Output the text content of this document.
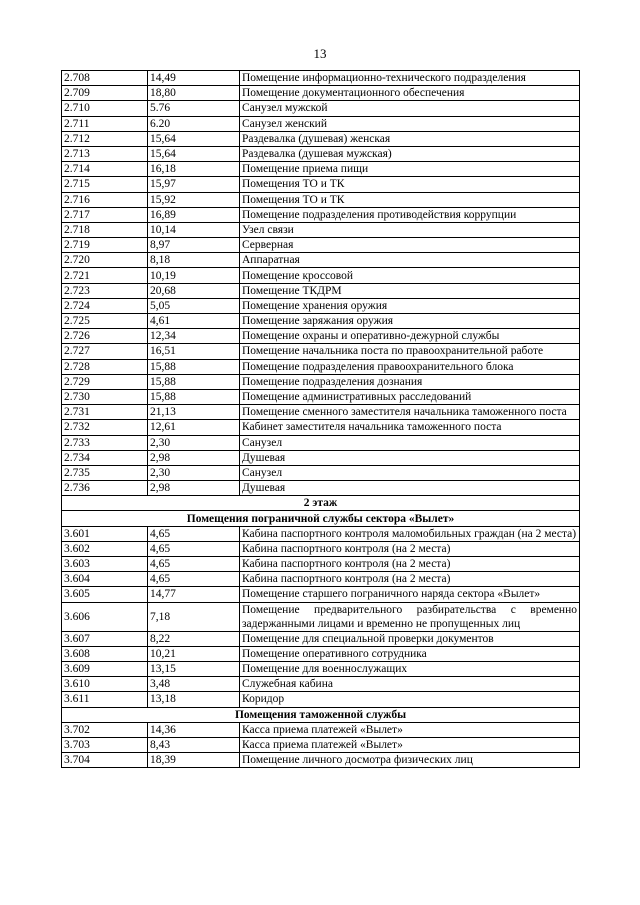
13
2.708	14,49	Помещение информационно-технического подразделения
2.709	18,80	Помещение документационного обеспечения
2.710	5.76	Санузел мужской
2.711	6.20	Санузел женский
2.712	15,64	Раздевалка (душевая) женская
2.713	15,64	Раздевалка (душевая мужская)
2.714	16,18	Помещение приема пищи
2.715	15,97	Помещения ТО и ТК
2.716	15,92	Помещения ТО и ТК
2.717	16,89	Помещение подразделения противодействия коррупции
2.718	10,14	Узел связи
2.719	8,97	Серверная
2.720	8,18	Аппаратная
2.721	10,19	Помещение кроссовой
2.723	20,68	Помещение ТКДРМ
2.724	5,05	Помещение хранения оружия
2.725	4,61	Помещение заряжания оружия
2.726	12,34	Помещение охраны и оперативно-дежурной службы
2.727	16,51	Помещение начальника поста по правоохранительной работе
2.728	15,88	Помещение подразделения правоохранительного блока
2.729	15,88	Помещение подразделения дознания
2.730	15,88	Помещение административных расследований
2.731	21,13	Помещение сменного заместителя начальника таможенного поста
2.732	12,61	Кабинет заместителя начальника таможенного поста
2.733	2,30	Санузел
2.734	2,98	Душевая
2.735	2,30	Санузел
2.736	2,98	Душевая
2 этаж		
Помещения пограничной службы сектора «Вылет»		
3.601	4,65	Кабина паспортного контроля маломобильных граждан (на 2 места)
3.602	4,65	Кабина паспортного контроля (на 2 места)
3.603	4,65	Кабина паспортного контроля (на 2 места)
3.604	4,65	Кабина паспортного контроля (на 2 места)
3.605	14,77	Помещение старшего пограничного наряда сектора «Вылет»
3.606	7,18	Помещение предварительного разбирательства с временно задержанными лицами и временно не пропущенных лиц
3.607	8,22	Помещение для специальной проверки документов
3.608	10,21	Помещение оперативного сотрудника
3.609	13,15	Помещение для военнослужащих
3.610	3,48	Служебная кабина
3.611	13,18	Коридор
Помещения таможенной службы		
3.702	14,36	Касса приема платежей «Вылет»
3.703	8,43	Касса приема платежей «Вылет»
3.704	18,39	Помещение личного досмотра физических лиц
